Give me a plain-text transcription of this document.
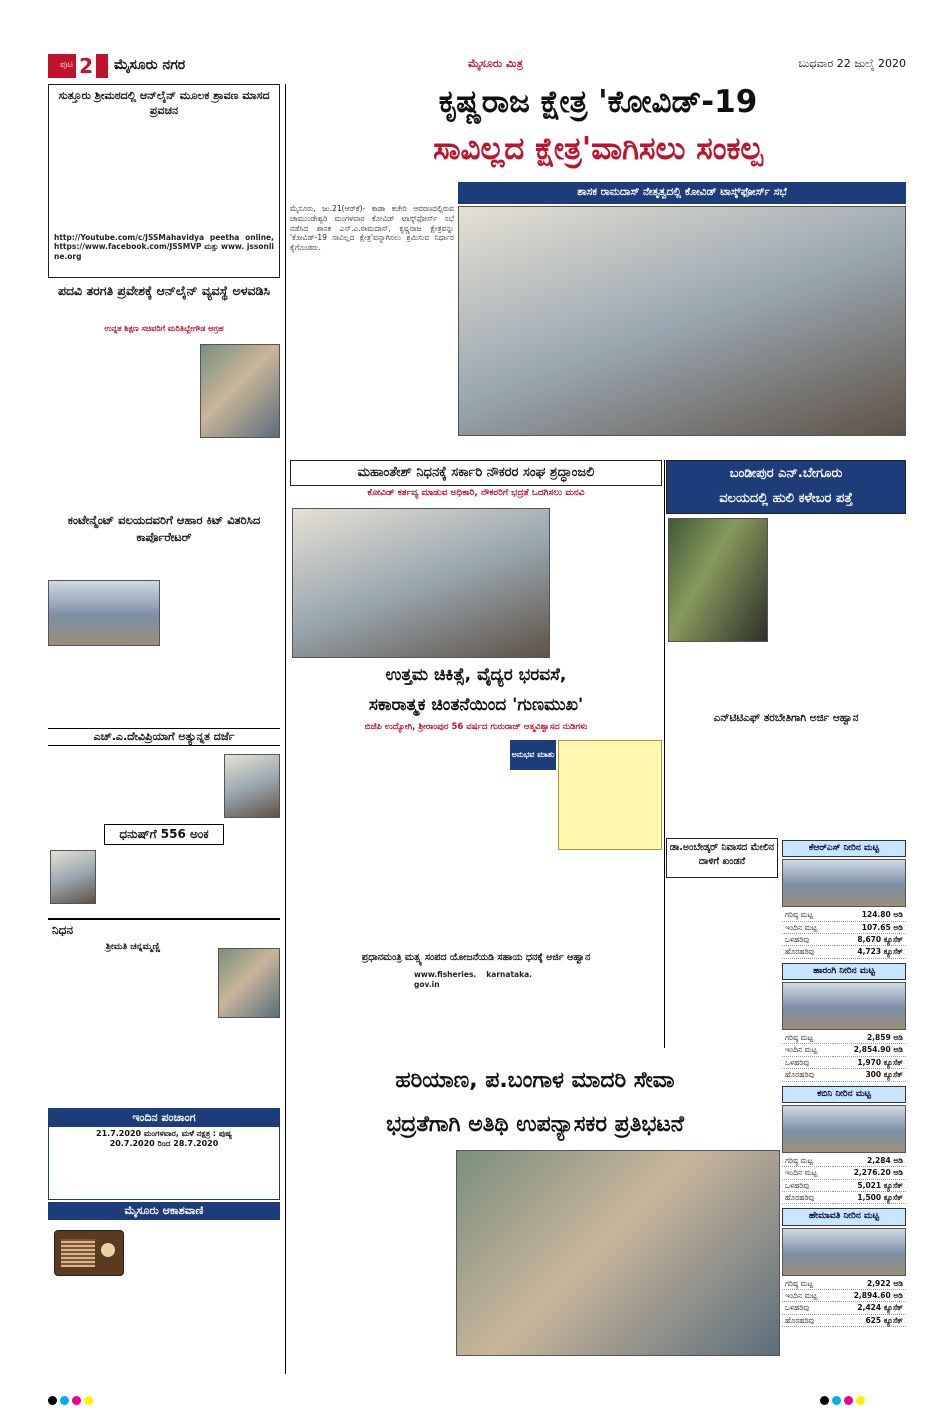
ಪುಟ 2 ಮೈಸೂರು ನಗರ	ಮೈಸೂರು ಮಿತ್ರ	ಬುಧವಾರ 22 ಜುಲೈ 2020
ಕೃಷ್ಣರಾಜ ಕ್ಷೇತ್ರ 'ಕೋವಿಡ್-19
ಸಾವಿಲ್ಲದ ಕ್ಷೇತ್ರ'ವಾಗಿಸಲು ಸಂಕಲ್ಪ
ಶಾಸಕ ರಾಮದಾಸ್ ನೇತೃತ್ವದಲ್ಲಿ ಕೋವಿಡ್ ಟಾಸ್ಕ್‌ಫೋರ್ಸ್ ಸಭೆ
ಮೈಸೂರು, ಜು.21(ಆರ್‌ಕೆ)- ಕಾಡಾ ಕಚೇರಿ ಆವರಣದಲ್ಲಿರುವ ಚಾಮುಂಡೇಶ್ವರಿ ಮಂಗಳವಾರ ಕೋವಿಡ್ ಟಾಸ್ಕ್‌ಫೋರ್ಸ್ ಸಭೆ ನಡೆಸಿದ ಶಾಸಕ ಎಸ್.ಎ.ರಾಮದಾಸ್, ಕೃಷ್ಣರಾಜ ಕ್ಷೇತ್ರವನ್ನು 'ಕೋವಿಡ್-19 ಸಾವಿಲ್ಲದ ಕ್ಷೇತ್ರ'ವನ್ನಾಗಿಸಲು ಶ್ರಮಿಸುವ ನಿರ್ಧಾರ ಕೈಗೊಂಡರು.
ಸುತ್ತೂರು ಶ್ರೀಮಠದಲ್ಲಿ ಆನ್‌ಲೈನ್ ಮೂಲಕ ಶ್ರಾವಣ ಮಾಸದ ಪ್ರವಚನ
http://Youtube.com/c/JSSMahavidya peetha online, https://www.facebook.com/JSSMVP ಮತ್ತು www. jssonline.org
ಪದವಿ ತರಗತಿ ಪ್ರವೇಶಕ್ಕೆ ಆನ್‌ಲೈನ್ ವ್ಯವಸ್ಥೆ ಅಳವಡಿಸಿ
ಉನ್ನತ ಶಿಕ್ಷಣ ಸಚಿವರಿಗೆ ಮರಿತಿಬ್ಬೇಗೌಡ ಆಗ್ರಹ
ಕಂಟೇನ್ಮೆಂಟ್ ವಲಯದವರಿಗೆ ಆಹಾರ ಕಿಟ್ ವಿತರಿಸಿದ ಕಾರ್ಪೊರೇಟರ್
ಎಚ್.ಎ.ದೇವಿಪ್ರಿಯಾಗೆ ಅತ್ಯುನ್ನತ ದರ್ಜೆ
ಧನುಷ್‌ಗೆ 556 ಅಂಕ
ನಿಧನ
ಶ್ರೀಮತಿ ಚನ್ನಮ್ಮಣ್ಣಿ
ಇಂದಿನ ಪಂಚಾಂಗ
21.7.2020 ಮಂಗಳವಾರ, ಮಳೆ ನಕ್ಷತ್ರ : ಪುಷ್ಯ
20.7.2020 ರಿಂದ 28.7.2020
ಮೈಸೂರು ಆಕಾಶವಾಣಿ
ಮಹಾಂತೇಶ್ ನಿಧನಕ್ಕೆ ಸರ್ಕಾರಿ ನೌಕರರ ಸಂಘ ಶ್ರದ್ಧಾಂಜಲಿ
ಕೋವಿಡ್ ಕರ್ತವ್ಯ ಮಾಡುವ ಅಧಿಕಾರಿ, ನೌಕರರಿಗೆ ಭದ್ರತೆ ಒದಗಿಸಲು ಮನವಿ
ಬಂಡೀಪುರ ಎನ್.ಬೇಗೂರು
ವಲಯದಲ್ಲಿ ಹುಲಿ ಕಳೇಬರ ಪತ್ತೆ
ಉತ್ತಮ ಚಿಕಿತ್ಸೆ, ವೈದ್ಯರ ಭರವಸೆ,
ಸಕಾರಾತ್ಮಕ ಚಿಂತನೆಯಿಂದ 'ಗುಣಮುಖ'
ಬಿಜೆಪಿ ಉದ್ಯೋಗಿ, ಶ್ರೀರಾಂಪುರ 56 ವರ್ಷದ ಗುರುರಾಜ್ ಆತ್ಮವಿಶ್ವಾಸದ ನುಡಿಗಳು
ಅನುಭವ ಮಾತು
ಎನ್‌ಟಿಟಿಎಫ್ ತರಬೇತಿಗಾಗಿ ಅರ್ಜಿ ಆಹ್ವಾನ
ಡಾ.ಅಂಬೇಡ್ಕರ್ ನಿವಾಸದ ಮೇಲಿನ ದಾಳಿಗೆ ಖಂಡನೆ
ಪ್ರಧಾನಮಂತ್ರಿ ಮತ್ಸ್ಯ ಸಂಪದ ಯೋಜನೆಯಡಿ ಸಹಾಯ ಧನಕ್ಕೆ ಅರ್ಜಿ ಆಹ್ವಾನ
www.fisheries. karnataka. gov.in
ಹರಿಯಾಣ, ಪ.ಬಂಗಾಳ ಮಾದರಿ ಸೇವಾ
ಭದ್ರತೆಗಾಗಿ ಅತಿಥಿ ಉಪನ್ಯಾಸಕರ ಪ್ರತಿಭಟನೆ
ಕೆಆರ್‌ಎಸ್ ನೀರಿನ ಮಟ್ಟ
ಗರಿಷ್ಠ ಮಟ್ಟ	124.80 ಅಡಿ
ಇಂದಿನ ಮಟ್ಟ	107.65 ಅಡಿ
ಒಳಹರಿವು	8,670 ಕ್ಯೂಸೆಕ್
ಹೊರಹರಿವು	4,723 ಕ್ಯೂಸೆಕ್
ಹಾರಂಗಿ ನೀರಿನ ಮಟ್ಟ
ಗರಿಷ್ಠ ಮಟ್ಟ	2,859 ಅಡಿ
ಇಂದಿನ ಮಟ್ಟ	2,854.90 ಅಡಿ
ಒಳಹರಿವು	1,970 ಕ್ಯೂಸೆಕ್
ಹೊರಹರಿವು	300 ಕ್ಯೂಸೆಕ್
ಕಬಿನಿ ನೀರಿನ ಮಟ್ಟ
ಗರಿಷ್ಠ ಮಟ್ಟ	2,284 ಅಡಿ
ಇಂದಿನ ಮಟ್ಟ	2,276.20 ಅಡಿ
ಒಳಹರಿವು	5,021 ಕ್ಯೂಸೆಕ್
ಹೊರಹರಿವು	1,500 ಕ್ಯೂಸೆಕ್
ಹೇಮಾವತಿ ನೀರಿನ ಮಟ್ಟ
ಗರಿಷ್ಠ ಮಟ್ಟ	2,922 ಅಡಿ
ಇಂದಿನ ಮಟ್ಟ	2,894.60 ಅಡಿ
ಒಳಹರಿವು	2,424 ಕ್ಯೂಸೆಕ್
ಹೊರಹರಿವು	625 ಕ್ಯೂಸೆಕ್
